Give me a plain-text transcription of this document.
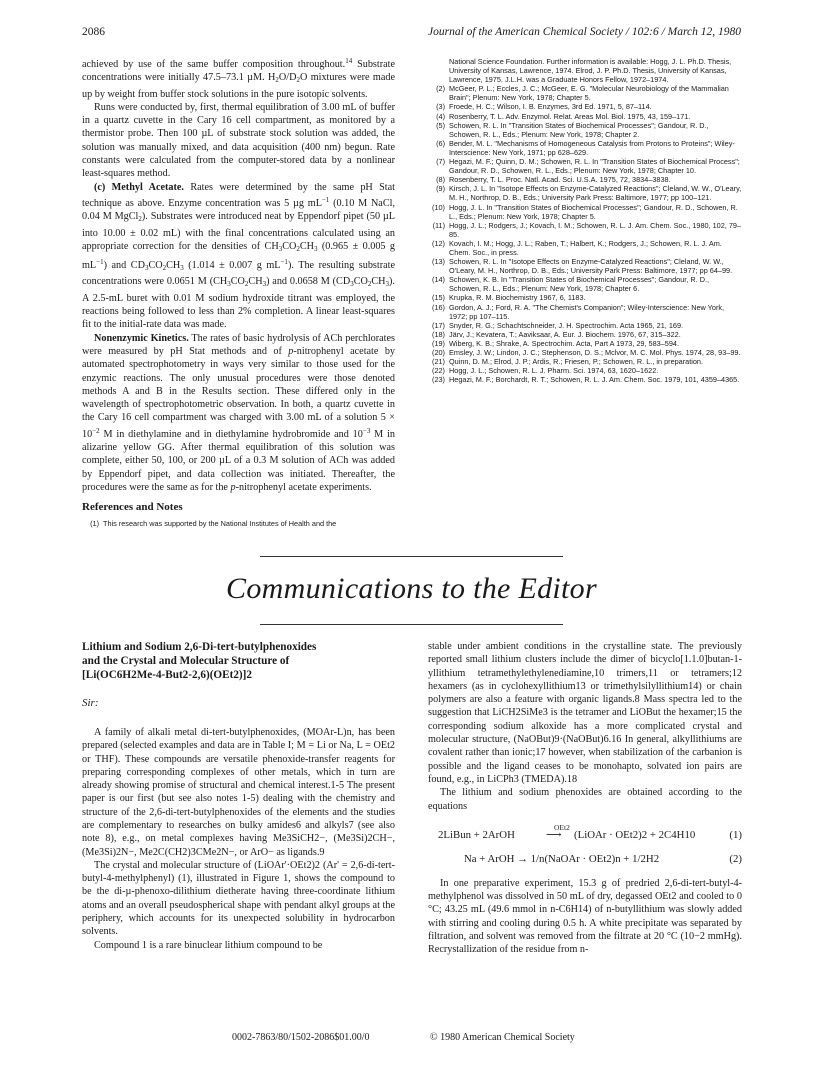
2086	Journal of the American Chemical Society / 102:6 / March 12, 1980

achieved by use of the same buffer composition throughout.$^{14}$ Substrate concentrations were initially 47.5–73.1 µM. $H_2O/D_2O$ mixtures were made up by weight from buffer stock solutions in the pure isotopic solvents.

Runs were conducted by, first, thermal equilibration of 3.00 mL of buffer in a quartz cuvette in the Cary 16 cell compartment, as monitored by a thermistor probe. Then 100 µL of substrate stock solution was added, the solution was manually mixed, and data acquisition (400 nm) begun. Rate constants were calculated from the computer-stored data by a nonlinear least-squares method.

(c) Methyl Acetate. Rates were determined by the same pH Stat technique as above. Enzyme concentration was 5 µg $mL^{-1}$ (0.10 M NaCl, 0.04 M MgCl$_2$). Substrates were introduced neat by Eppendorf pipet (50 µL into 10.00 ± 0.02 mL) with the final concentrations calculated using an appropriate correction for the densities of $CH_3CO_2CH_3$ (0.965 ± 0.005 g $mL^{-1}$) and $CD_3CO_2CH_3$ (1.014 ± 0.007 g $mL^{-1}$). The resulting substrate concentrations were 0.0651 M $(CH_3CO_2CH_3)$ and 0.0658 M $(CD_3CO_2CH_3)$. A 2.5-mL buret with 0.01 M sodium hydroxide titrant was employed, the reactions being followed to less than 2% completion. A linear least-squares fit to the initial-rate data was made.

Nonenzymic Kinetics. The rates of basic hydrolysis of ACh perchlorates were measured by pH Stat methods and of p-nitrophenyl acetate by automated spectrophotometry in ways very similar to those used for the enzymic reactions. The only unusual procedures were those denoted methods A and B in the Results section. These differed only in the wavelength of spectrophotometric observation. In both, a quartz cuvette in the Cary 16 cell compartment was charged with 3.00 mL of a solution $5 \times 10^{-2}$ M in diethylamine and in diethylamine hydrobromide and $10^{-3}$ M in alizarine yellow GG. After thermal equilibration of this solution was complete, either 50, 100, or 200 µL of a 0.3 M solution of ACh was added by Eppendorf pipet, and data collection was initiated. Thereafter, the procedures were the same as for the p-nitrophenyl acetate experiments.

References and Notes
(1) This research was supported by the National Institutes of Health and the
National Science Foundation. Further information is available: Hogg, J. L. Ph.D. Thesis, University of Kansas, Lawrence, 1974. Elrod, J. P. Ph.D. Thesis, University of Kansas, Lawrence, 1975. J.L.H. was a Graduate Honors Fellow, 1972–1974.
(2) McGeer, P. L.; Eccles, J. C.; McGeer, E. G. "Molecular Neurobiology of the Mammalian Brain"; Plenum: New York, 1978; Chapter 5.
(3) Froede, H. C.; Wilson, I. B. Enzymes, 3rd Ed. 1971, 5, 87–114.
(4) Rosenberry, T. L. Adv. Enzymol. Relat. Areas Mol. Biol. 1975, 43, 159–171.
(5) Schowen, R. L. In "Transition States of Biochemical Processes"; Gandour, R. D., Schowen, R. L., Eds.; Plenum: New York, 1978; Chapter 2.
(6) Bender, M. L. "Mechanisms of Homogeneous Catalysis from Protons to Proteins"; Wiley-Interscience: New York, 1971; pp 628–629.
(7) Hegazi, M. F.; Quinn, D. M.; Schowen, R. L. In "Transition States of Biochemical Process"; Gandour, R. D., Schowen, R. L., Eds.; Plenum: New York, 1978; Chapter 10.
(8) Rosenberry, T. L. Proc. Natl. Acad. Sci. U.S.A. 1975, 72, 3834–3838.
(9) Kirsch, J. L. In "Isotope Effects on Enzyme-Catalyzed Reactions"; Cleland, W. W., O'Leary, M. H., Northrop, D. B., Eds.; University Park Press: Baltimore, 1977; pp 100–121.
(10) Hogg, J. L. In "Transition States of Biochemical Processes"; Gandour, R. D., Schowen, R. L., Eds.; Plenum: New York, 1978; Chapter 5.
(11) Hogg, J. L.; Rodgers, J.; Kovach, I. M.; Schowen, R. L. J. Am. Chem. Soc., 1980, 102, 79–85.
(12) Kovach, I. M.; Hogg, J. L.; Raben, T.; Halbert, K.; Rodgers, J.; Schowen, R. L. J. Am. Chem. Soc., in press.
(13) Schowen, R. L. In "Isotope Effects on Enzyme-Catalyzed Reactions"; Cleland, W. W., O'Leary, M. H., Northrop, D. B., Eds.; University Park Press: Baltimore, 1977; pp 64–99.
(14) Schowen, K. B. In "Transition States of Biochemical Processes"; Gandour, R. D., Schowen, R. L., Eds.; Plenum: New York, 1978; Chapter 6.
(15) Krupka, R. M. Biochemistry 1967, 6, 1183.
(16) Gordon, A. J.; Ford, R. A. "The Chemist's Companion"; Wiley-Interscience: New York, 1972; pp 107–115.
(17) Snyder, R. G.; Schachtschneider, J. H. Spectrochim. Acta 1965, 21, 169.
(18) Järv, J.; Kevatera, T.; Aaviksaar, A. Eur. J. Biochem. 1976, 67, 315–322.
(19) Wiberg, K. B.; Shrake, A. Spectrochim. Acta, Part A 1973, 29, 583–594.
(20) Emsley, J. W.; Lindon, J. C.; Stephenson, D. S.; Mclvor, M. C. Mol. Phys. 1974, 28, 93–99.
(21) Quinn, D. M.; Elrod, J. P.; Ardis, R.; Friesen, P.; Schowen, R. L., in preparation.
(22) Hogg, J. L.; Schowen, R. L. J. Pharm. Sci. 1974, 63, 1620–1622.
(23) Hegazi, M. F.; Borchardt, R. T.; Schowen, R. L. J. Am. Chem. Soc. 1979, 101, 4359–4365.
Communications to the Editor
Lithium and Sodium 2,6-Di-tert-butylphenoxides
and the Crystal and Molecular Structure of
[Li(OC6H2Me-4-But2-2,6)(OEt2)]2
Sir:

A family of alkali metal di-tert-butylphenoxides, (MOAr-L)n, has been prepared (selected examples and data are in Table I; M = Li or Na, L = OEt2 or THF). These compounds are versatile phenoxide-transfer reagents for preparing corresponding complexes of other metals, which in turn are already showing promise of structural and chemical interest.1-5 The present paper is our first (but see also notes 1-5) dealing with the chemistry and structure of the 2,6-di-tert-butylphenoxides of the elements and the studies are complementary to researches on bulky amides6 and alkyls7 (see also note 8), e.g., on metal complexes having Me3SiCH2−, (Me3Si)2CH−, (Me3Si)2N−, Me2C(CH2)3CMe2N−, or ArO− as ligands.9

The crystal and molecular structure of (LiOAr'·OEt2)2 (Ar' = 2,6-di-tert-butyl-4-methylphenyl) (1), illustrated in Figure 1, shows the compound to be the di-µ-phenoxo-dilithium dietherate having three-coordinate lithium atoms and an overall pseudospherical shape with pendant alkyl groups at the periphery, which accounts for its unexpected solubility in hydrocarbon solvents.

Compound 1 is a rare binuclear lithium compound to be

stable under ambient conditions in the crystalline state. The previously reported small lithium clusters include the dimer of bicyclo[1.1.0]butan-1-yllithium tetramethylethylenediamine,10 trimers,11 or tetramers;12 hexamers (as in cyclohexyllithium13 or trimethylsilyllithium14) or chain polymers are also a feature with organic ligands.8 Mass spectra led to the suggestion that LiCH2SiMe3 is the tetramer and LiOBut the hexamer;15 the corresponding sodium alkoxide has a more complicated crystal and molecular structure, (NaOBut)9·(NaOBut)6.16 In general, alkyllithiums are covalent rather than ionic;17 however, when stabilization of the carbanion is possible and the ligand ceases to be monohapto, solvated ion pairs are found, e.g., in LiCPh3 (TMEDA).18

The lithium and sodium phenoxides are obtained according to the equations

2LiBun + 2ArOH
OEt2
⟶ (LiOAr · OEt2)2 + 2C4H10	(1)
Na + ArOH → 1/n(NaOAr · OEt2)n + 1/2H2	(2)

In one preparative experiment, 15.3 g of predried 2,6-di-tert-butyl-4-methylphenol was dissolved in 50 mL of dry, degassed OEt2 and cooled to 0 °C; 43.25 mL (49.6 mmol in n-C6H14) of n-butyllithium was slowly added with stirring and cooling during 0.5 h. A white precipitate was separated by filtration, and solvent was removed from the filtrate at 20 °C (10−2 mmHg). Recrystallization of the residue from n-

0002-7863/80/1502-2086$01.00/0	© 1980 American Chemical Society
